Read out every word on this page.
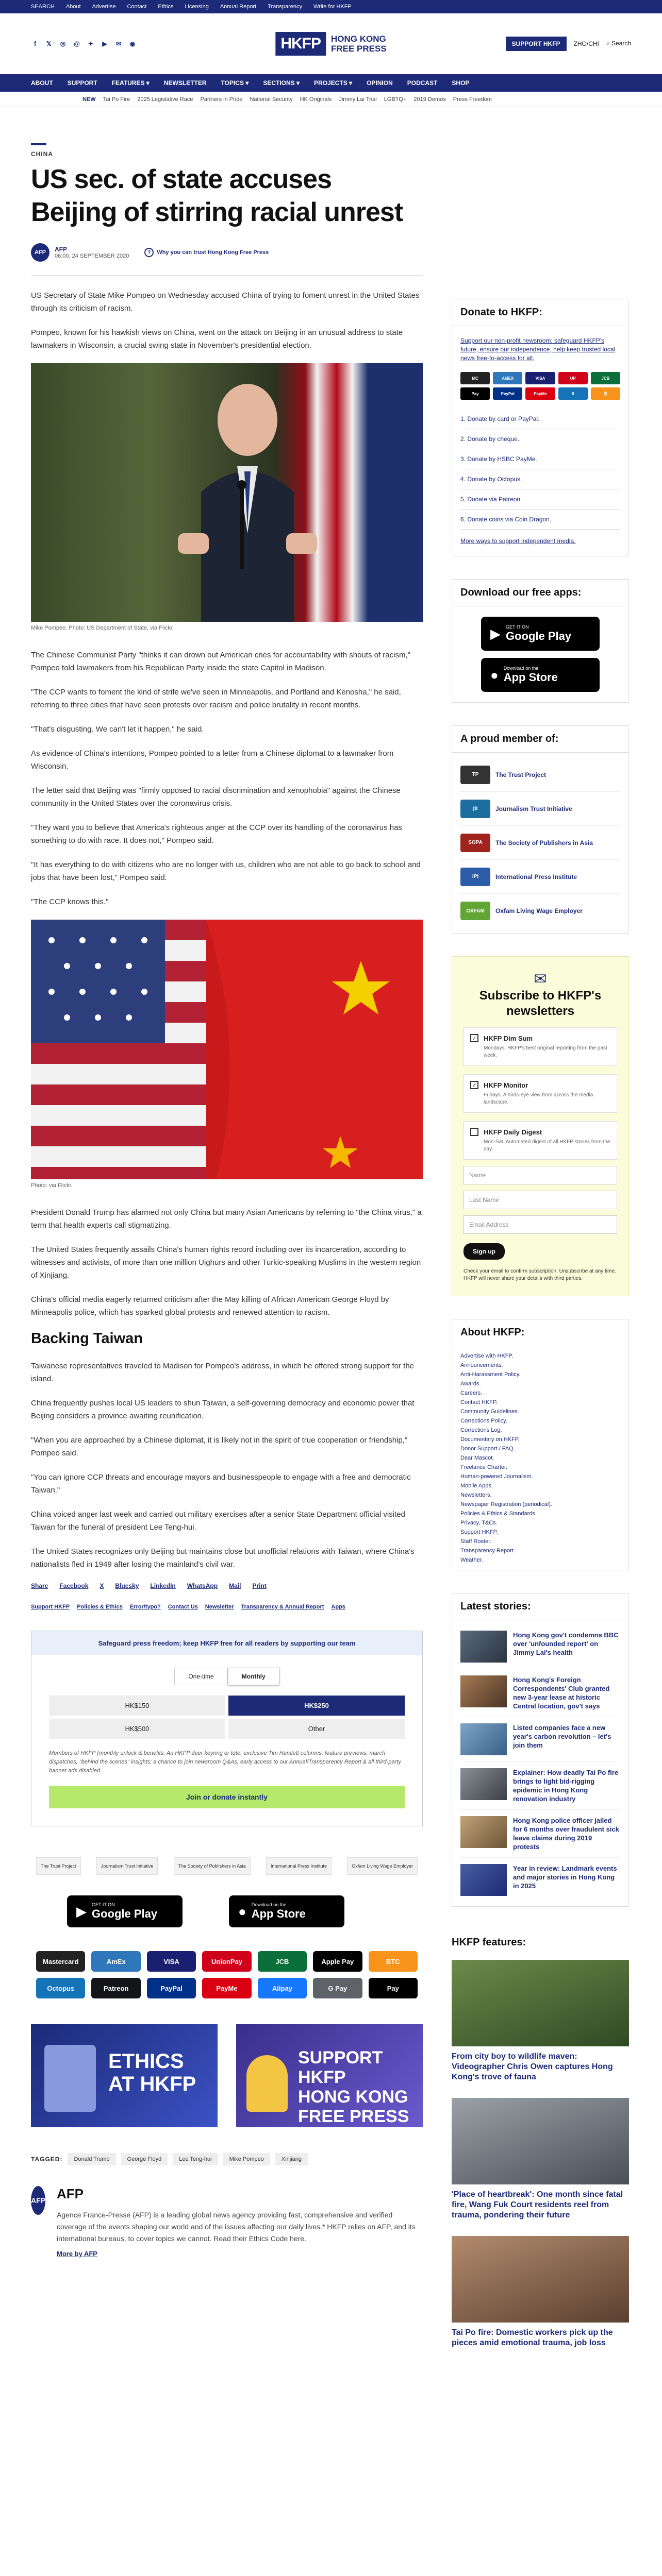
SEARCH About Advertise Contact Ethics Licensing Annual Report Transparency Write for HKFP
f	𝕏 ◎ @ ✦ ▶ ✉ ◉	HKFP	HONG KONG
FREE PRESS	SUPPORT HKFP	ZHO/CHI ⌕ Search
ABOUT SUPPORT FEATURES ▾ NEWSLETTER TOPICS ▾ SECTIONS ▾ PROJECTS ▾ OPINION PODCAST SHOP
NEW Tai Po Fire 2025 Legislative Race Partners in Pride National Security HK Originals Jimmy Lai Trial LGBTQ+ 2019 Demos Press Freedom
CHINA
US sec. of state accuses Beijing of stirring racial unrest
AFP	AFP
06:00, 24 SEPTEMBER 2020
?	Why you can trust Hong Kong Free Press

US Secretary of State Mike Pompeo on Wednesday accused China of trying to foment unrest in the United States through its criticism of racism.

Pompeo, known for his hawkish views on China, went on the attack on Beijing in an unusual address to state lawmakers in Wisconsin, a crucial swing state in November's presidential election.

Mike Pompeo. Photo: US Department of State, via Flickr.

The Chinese Communist Party "thinks it can drown out American cries for accountability with shouts of racism," Pompeo told lawmakers from his Republican Party inside the state Capitol in Madison.

"The CCP wants to foment the kind of strife we've seen in Minneapolis, and Portland and Kenosha," he said, referring to three cities that have seen protests over racism and police brutality in recent months.

"That's disgusting. We can't let it happen," he said.

As evidence of China's intentions, Pompeo pointed to a letter from a Chinese diplomat to a lawmaker from Wisconsin.

The letter said that Beijing was "firmly opposed to racial discrimination and xenophobia" against the Chinese community in the United States over the coronavirus crisis.

"They want you to believe that America's righteous anger at the CCP over its handling of the coronavirus has something to do with race. It does not," Pompeo said.

"It has everything to do with citizens who are no longer with us, children who are not able to go back to school and jobs that have been lost," Pompeo said.

"The CCP knows this."

Photo: via Flickr.

President Donald Trump has alarmed not only China but many Asian Americans by referring to "the China virus," a term that health experts call stigmatizing.

The United States frequently assails China's human rights record including over its incarceration, according to witnesses and activists, of more than one million Uighurs and other Turkic-speaking Muslims in the western region of Xinjiang.

China's official media eagerly returned criticism after the May killing of African American George Floyd by Minneapolis police, which has sparked global protests and renewed attention to racism.

Backing Taiwan

Taiwanese representatives traveled to Madison for Pompeo's address, in which he offered strong support for the island.

China frequently pushes local US leaders to shun Taiwan, a self-governing democracy and economic power that Beijing considers a province awaiting reunification.

"When you are approached by a Chinese diplomat, it is likely not in the spirit of true cooperation or friendship," Pompeo said.

"You can ignore CCP threats and encourage mayors and businesspeople to engage with a free and democratic Taiwan."

China voiced anger last week and carried out military exercises after a senior State Department official visited Taiwan for the funeral of president Lee Teng-hui.

The United States recognizes only Beijing but maintains close but unofficial relations with Taiwan, where China's nationalists fled in 1949 after losing the mainland's civil war.

Share Facebook X Bluesky LinkedIn WhatsApp Mail Print
Support HKFP Policies & Ethics Error/typo? Contact Us Newsletter Transparency & Annual Report Apps
Safeguard press freedom; keep HKFP free for all readers by supporting our team
One-time	Monthly
HK$150	HK$250
HK$500	Other
Members of HKFP (monthly unlock & benefits: An HKFP deer keyring or tote; exclusive Tim Hamlett columns, feature previews, march dispatches, "behind the scenes" insights; a chance to join newsroom Q&As, early access to our Annual/Transparency Report & all third-party banner ads disabled.
Join or donate instantly
The Trust Project	Journalism Trust Initiative	The Society of Publishers in Asia	International Press Institute	Oxfam Living Wage Employer
▶ GET IT ON
Google Play	● Download on the
App Store
Mastercard	AmEx	VISA	UnionPay	JCB	Apple Pay	BTC
Octopus	Patreon	PayPal	PayMe	Alipay	G Pay	Pay
ETHICS
AT HKFP
SUPPORT HKFP
HONG KONG
FREE PRESS
TAGGED:	Donald Trump	George Floyd	Lee Teng-hui	Mike Pompeo	Xinjiang
AFP AFP
Agence France-Presse (AFP) is a leading global news agency providing fast, comprehensive and verified coverage of the events shaping our world and of the issues affecting our daily lives.* HKFP relies on AFP, and its international bureaus, to cover topics we cannot. Read their Ethics Code here.
More by AFP
Donate to HKFP:

Support our non-profit newsroom: safeguard HKFP's future, ensure our independence, help keep trusted local news free-to-access for all.

MC	AMEX	VISA	UP	JCB
Pay	PayPal	PayMe	8	₿
1. Donate by card or PayPal.
2. Donate by cheque.
3. Donate by HSBC PayMe.
4. Donate by Octopus.
5. Donate via Patreon.
6. Donate coins via Coin Dragon.

More ways to support independent media.

Download our free apps:
▶ GET IT ON
Google Play
● Download on the
App Store
A proud member of:
TP	The Trust Project
jti	Journalism Trust Initiative
SOPA	The Society of Publishers in Asia
IPI	International Press Institute
OXFAM	Oxfam Living Wage Employer
✉
Subscribe to HKFP's newsletters
✓ HKFP Dim Sum
Mondays. HKFP's best original reporting from the past week.
✓ HKFP Monitor
Fridays. A birds-eye view from across the media landscape.
HKFP Daily Digest
Mon-Sat. Automated digest of all HKFP stories from the day.
Name
Last Name
Email Address
Sign up
Check your email to confirm subscription. Unsubscribe at any time. HKFP will never share your details with third parties.
About HKFP:
Advertise with HKFP.
Announcements.
Anti-Harassment Policy.
Awards.
Careers.
Contact HKFP.
Community Guidelines.
Corrections Policy.
Corrections Log.
Documentary on HKFP.
Donor Support / FAQ.
Dear Mascot.
Freelance Charter.
Human-powered Journalism.
Mobile Apps.
Newsletters.
Newspaper Registration (periodical).
Policies & Ethics & Standards.
Privacy, T&Cs.
Support HKFP.
Staff Roster.
Transparency Report.
Weather.
Latest stories:
Hong Kong gov't condemns BBC over 'unfounded report' on Jimmy Lai's health
Hong Kong's Foreign Correspondents' Club granted new 3-year lease at historic Central location, gov't says
Listed companies face a new year's carbon revolution – let's join them
Explainer: How deadly Tai Po fire brings to light bid-rigging epidemic in Hong Kong renovation industry
Hong Kong police officer jailed for 6 months over fraudulent sick leave claims during 2019 protests
Year in review: Landmark events and major stories in Hong Kong in 2025
HKFP features:
From city boy to wildlife maven: Videographer Chris Owen captures Hong Kong's trove of fauna
'Place of heartbreak': One month since fatal fire, Wang Fuk Court residents reel from trauma, pondering their future
Tai Po fire: Domestic workers pick up the pieces amid emotional trauma, job loss
